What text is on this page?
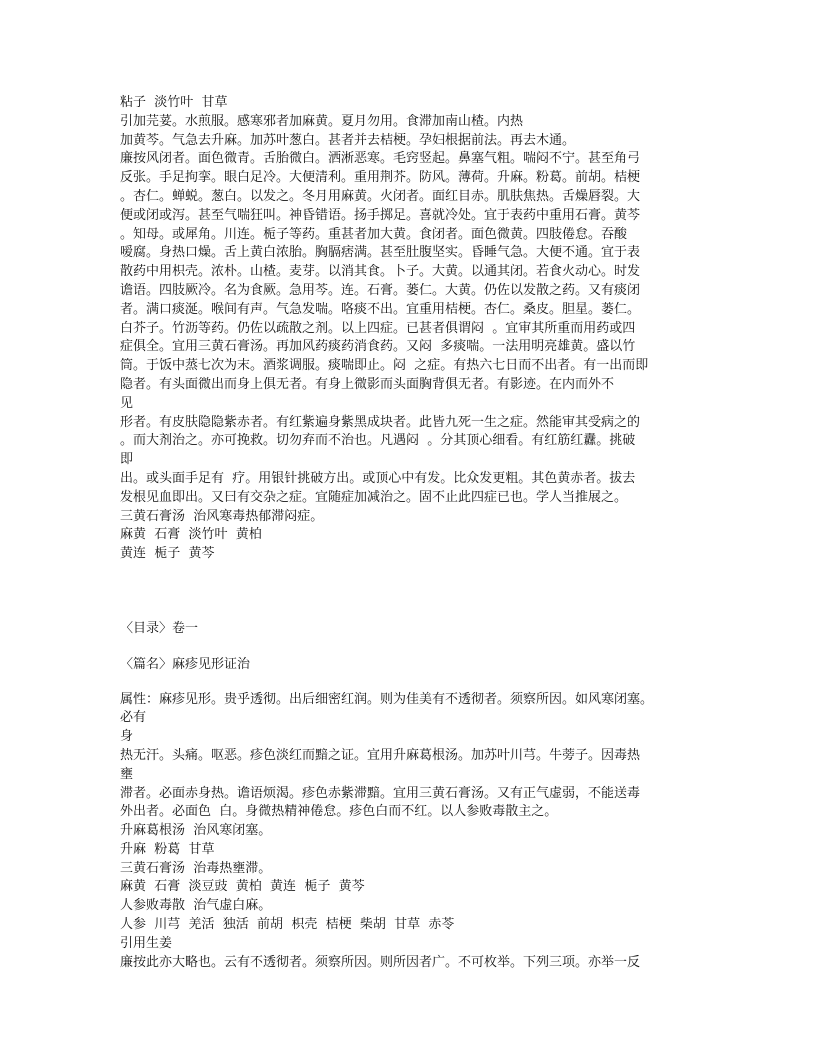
粘子  淡竹叶  甘草
引加芫荽。水煎服。感寒邪者加麻黄。夏月勿用。食滞加南山楂。内热
加黄芩。气急去升麻。加苏叶葱白。甚者并去桔梗。孕妇根据前法。再去木通。
廉按风闭者。面色微青。舌胎微白。洒淅恶寒。毛窍竖起。鼻塞气粗。喘闷不宁。甚至角弓
反张。手足拘挛。眼白足冷。大便清利。重用荆芥。防风。薄荷。升麻。粉葛。前胡。桔梗
。杏仁。蝉蜕。葱白。以发之。冬月用麻黄。火闭者。面红目赤。肌肤焦热。舌燥唇裂。大
便或闭或泻。甚至气喘狂叫。神昏错语。扬手掷足。喜就冷处。宜于表药中重用石膏。黄芩
。知母。或犀角。川连。栀子等药。重甚者加大黄。食闭者。面色微黄。四肢倦怠。吞酸
嗳腐。身热口燥。舌上黄白浓胎。胸膈痞满。甚至肚腹坚实。昏睡气急。大便不通。宜于表
散药中用枳壳。浓朴。山楂。麦芽。以消其食。卜子。大黄。以通其闭。若食火动心。时发
谵语。四肢厥冷。名为食厥。急用芩。连。石膏。蒌仁。大黄。仍佐以发散之药。又有痰闭
者。满口痰涎。喉间有声。气急发喘。咯痰不出。宜重用桔梗。杏仁。桑皮。胆星。蒌仁。
白芥子。竹沥等药。仍佐以疏散之剂。以上四症。已甚者俱谓闷  。宜审其所重而用药或四
症俱全。宜用三黄石膏汤。再加风药痰药消食药。又闷  多痰喘。一法用明亮雄黄。盛以竹
筒。于饭中蒸七次为末。酒浆调服。痰喘即止。闷  之症。有热六七日而不出者。有一出而即
隐者。有头面微出而身上俱无者。有身上微影而头面胸背俱无者。有影迹。在内而外不
见
形者。有皮肤隐隐紫赤者。有红紫遍身紫黑成块者。此皆九死一生之症。然能审其受病之的
。而大剂治之。亦可挽救。切勿弃而不治也。凡遇闷  。分其顶心细看。有红筋红纛。挑破
即
出。或头面手足有  疗。用银针挑破方出。或顶心中有发。比众发更粗。其色黄赤者。拔去
发根见血即出。又曰有交杂之症。宜随症加减治之。固不止此四症已也。学人当推展之。
三黄石膏汤  治风寒毒热郁滞闷症。
麻黄  石膏  淡竹叶  黄柏
黄连  栀子  黄芩
〈目录〉卷一
〈篇名〉麻疹见形证治
属性：麻疹见形。贵乎透彻。出后细密红润。则为佳美有不透彻者。须察所因。如风寒闭塞。
必有
身
热无汗。头痛。呕恶。疹色淡红而黯之证。宜用升麻葛根汤。加苏叶川芎。牛蒡子。因毒热
壅
滞者。必面赤身热。谵语烦渴。疹色赤紫滞黯。宜用三黄石膏汤。又有正气虚弱，不能送毒
外出者。必面色  白。身微热精神倦怠。疹色白而不红。以人参败毒散主之。
升麻葛根汤  治风寒闭塞。
升麻  粉葛  甘草
三黄石膏汤  治毒热壅滞。
麻黄  石膏  淡豆豉  黄柏  黄连  栀子  黄芩
人参败毒散  治气虚白麻。
人参  川芎  羌活  独活  前胡  枳壳  桔梗  柴胡  甘草  赤苓
引用生姜
廉按此亦大略也。云有不透彻者。须察所因。则所因者广。不可枚举。下列三项。亦举一反
